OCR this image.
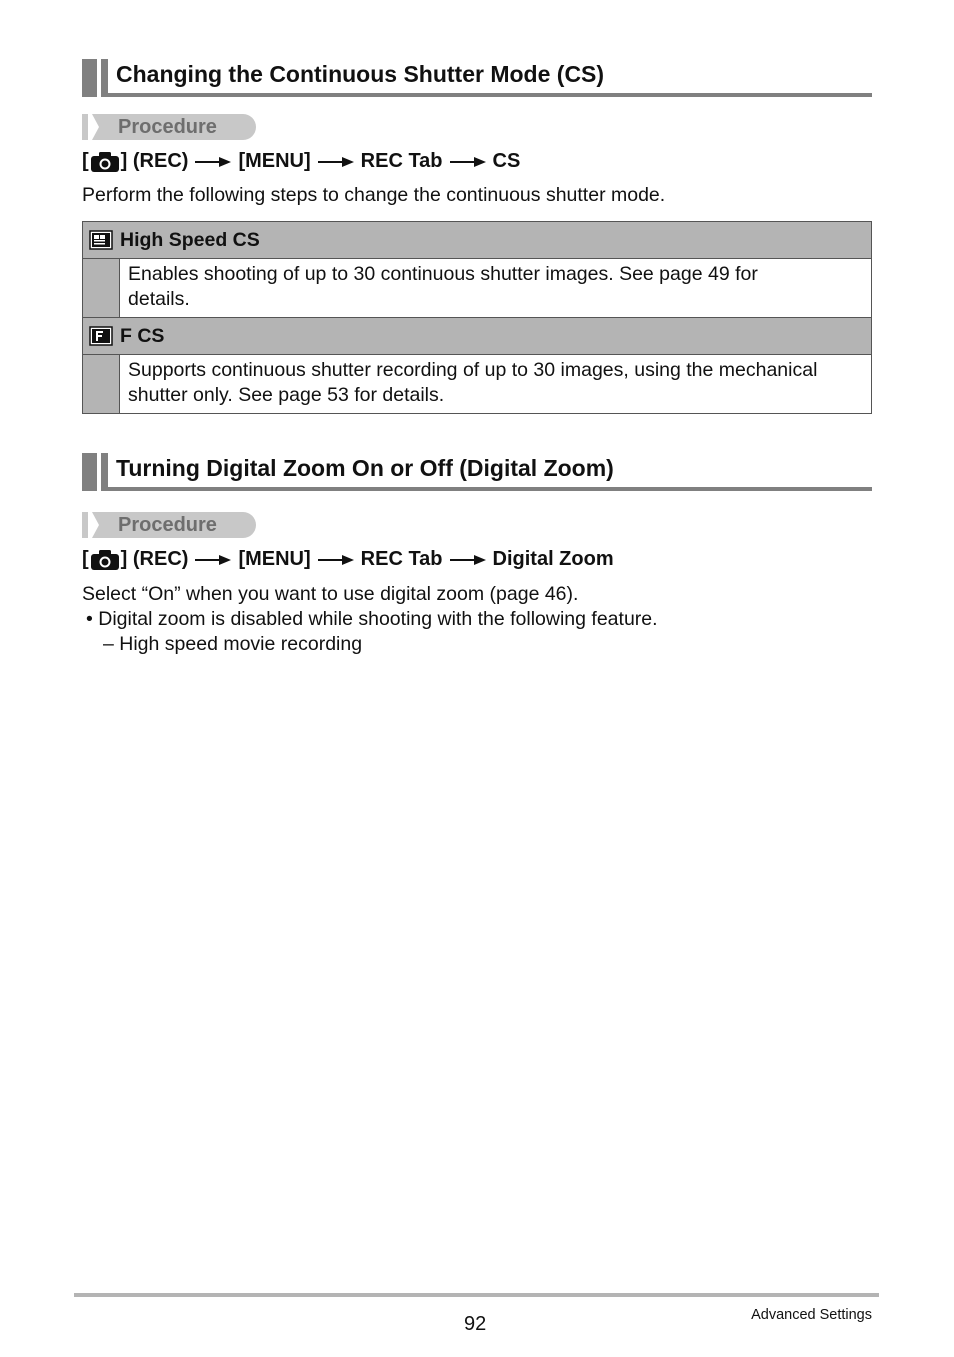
Changing the Continuous Shutter Mode (CS)
Procedure
[ ] (REC)	[MENU]	REC Tab	CS
Perform the following steps to change the continuous shutter mode.
High Speed CS	

	Enables shooting of up to 30 continuous shutter images. See page 49 for
details.

F CS	

	Supports continuous shutter recording of up to 30 images, using the mechanical
shutter only. See page 53 for details.
Turning Digital Zoom On or Off (Digital Zoom)
Procedure
[ ] (REC)	[MENU]	REC Tab	Digital Zoom
Select “On” when you want to use digital zoom (page 46).
• Digital zoom is disabled while shooting with the following feature.
– High speed movie recording
92	Advanced Settings
